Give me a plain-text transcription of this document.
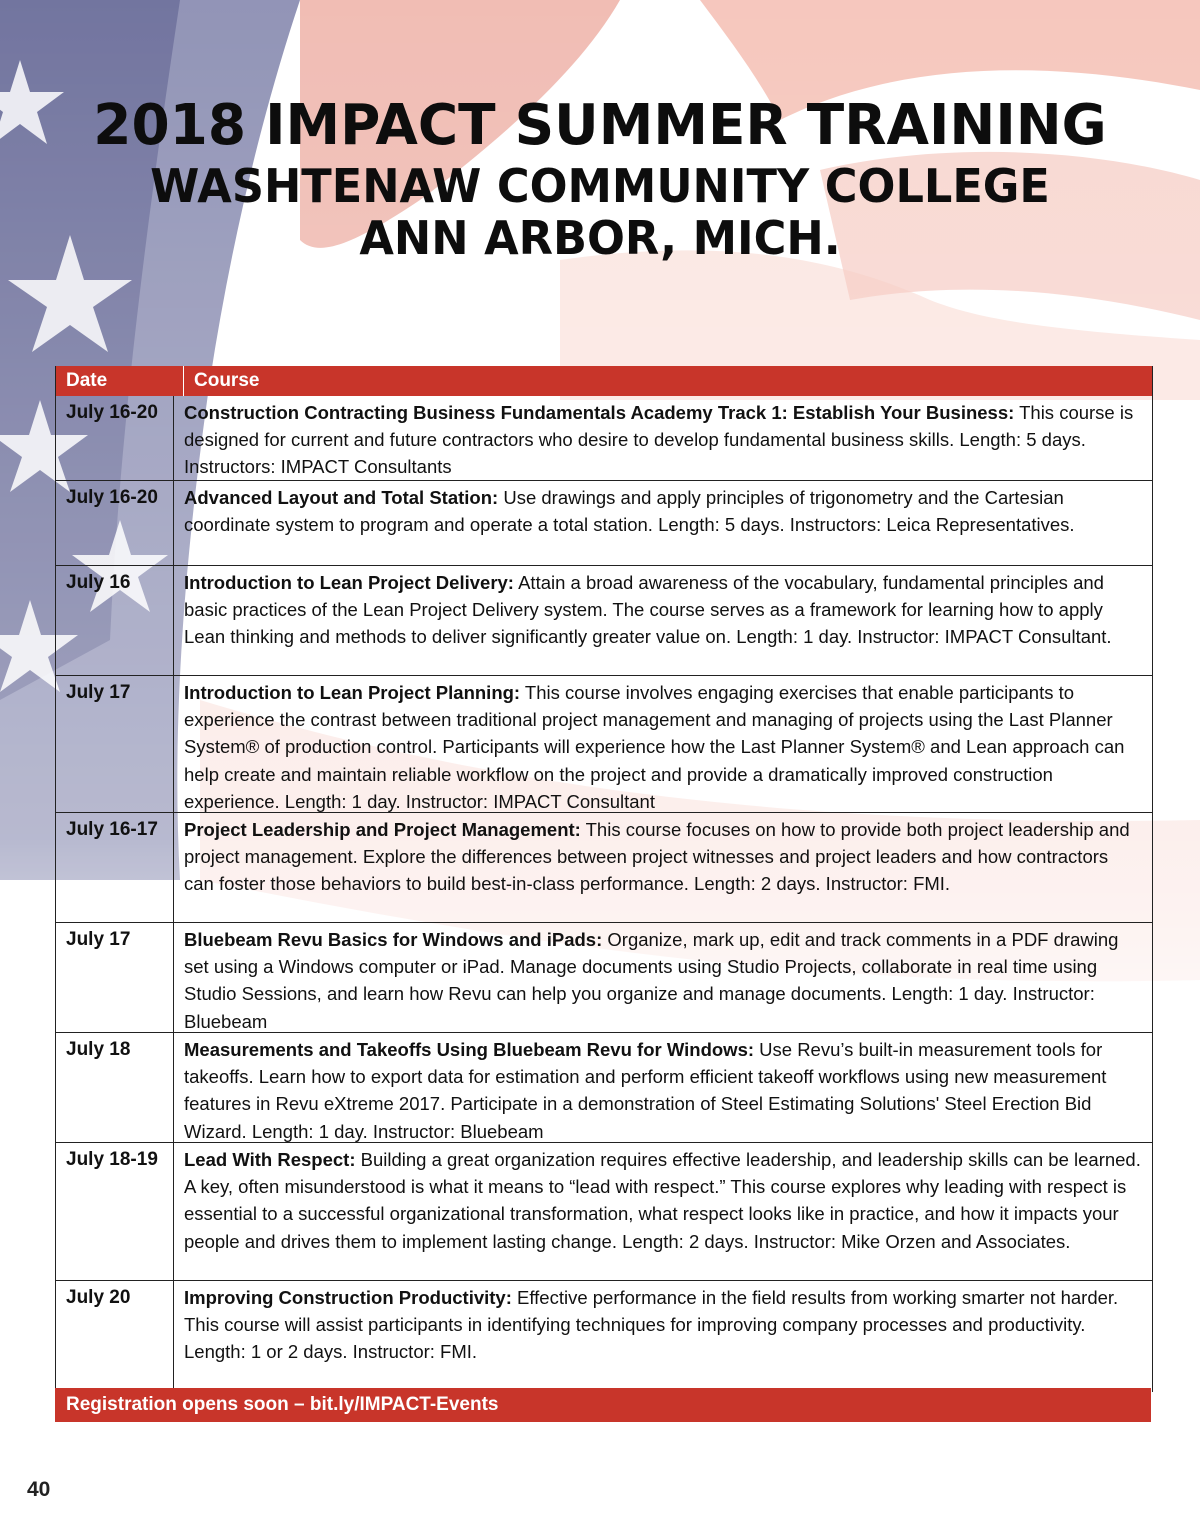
2018 IMPACT SUMMER TRAINING
WASHTENAW COMMUNITY COLLEGE
ANN ARBOR, MICH.
Date	Course
July 16-20	Construction Contracting Business Fundamentals Academy Track 1: Establish Your Business: This course is designed for current and future contractors who desire to develop fundamental business skills. Length: 5 days. Instructors: IMPACT Consultants
July 16-20	Advanced Layout and Total Station: Use drawings and apply principles of trigonometry and the Cartesian coordinate system to program and operate a total station. Length: 5 days. Instructors: Leica Representatives.
July 16	Introduction to Lean Project Delivery: Attain a broad awareness of the vocabulary, fundamental principles and basic practices of the Lean Project Delivery system. The course serves as a framework for learning how to apply Lean thinking and methods to deliver significantly greater value on. Length: 1 day. Instructor: IMPACT Consultant.
July 17	Introduction to Lean Project Planning: This course involves engaging exercises that enable participants to experience the contrast between traditional project management and managing of projects using the Last Planner System® of production control. Participants will experience how the Last Planner System® and Lean approach can help create and maintain reliable workflow on the project and provide a dramatically improved construction experience. Length: 1 day. Instructor: IMPACT Consultant
July 16-17	Project Leadership and Project Management: This course focuses on how to provide both project leadership and project management. Explore the differences between project witnesses and project leaders and how contractors can foster those behaviors to build best-in-class performance. Length: 2 days. Instructor: FMI.
July 17	Bluebeam Revu Basics for Windows and iPads: Organize, mark up, edit and track comments in a PDF drawing set using a Windows computer or iPad. Manage documents using Studio Projects, collaborate in real time using Studio Sessions, and learn how Revu can help you organize and manage documents. Length: 1 day. Instructor: Bluebeam
July 18	Measurements and Takeoffs Using Bluebeam Revu for Windows: Use Revu’s built-in measurement tools for takeoffs. Learn how to export data for estimation and perform efficient takeoff workflows using new measurement features in Revu eXtreme 2017. Participate in a demonstration of Steel Estimating Solutions' Steel Erection Bid Wizard. Length: 1 day. Instructor: Bluebeam
July 18-19	Lead With Respect: Building a great organization requires effective leadership, and leadership skills can be learned. A key, often misunderstood is what it means to “lead with respect.” This course explores why leading with respect is essential to a successful organizational transformation, what respect looks like in practice, and how it impacts your people and drives them to implement lasting change. Length: 2 days. Instructor: Mike Orzen and Associates.
July 20	Improving Construction Productivity: Effective performance in the field results from working smarter not harder. This course will assist participants in identifying techniques for improving company processes and productivity. Length: 1 or 2 days. Instructor: FMI.
Registration opens soon – bit.ly/IMPACT-Events
40
